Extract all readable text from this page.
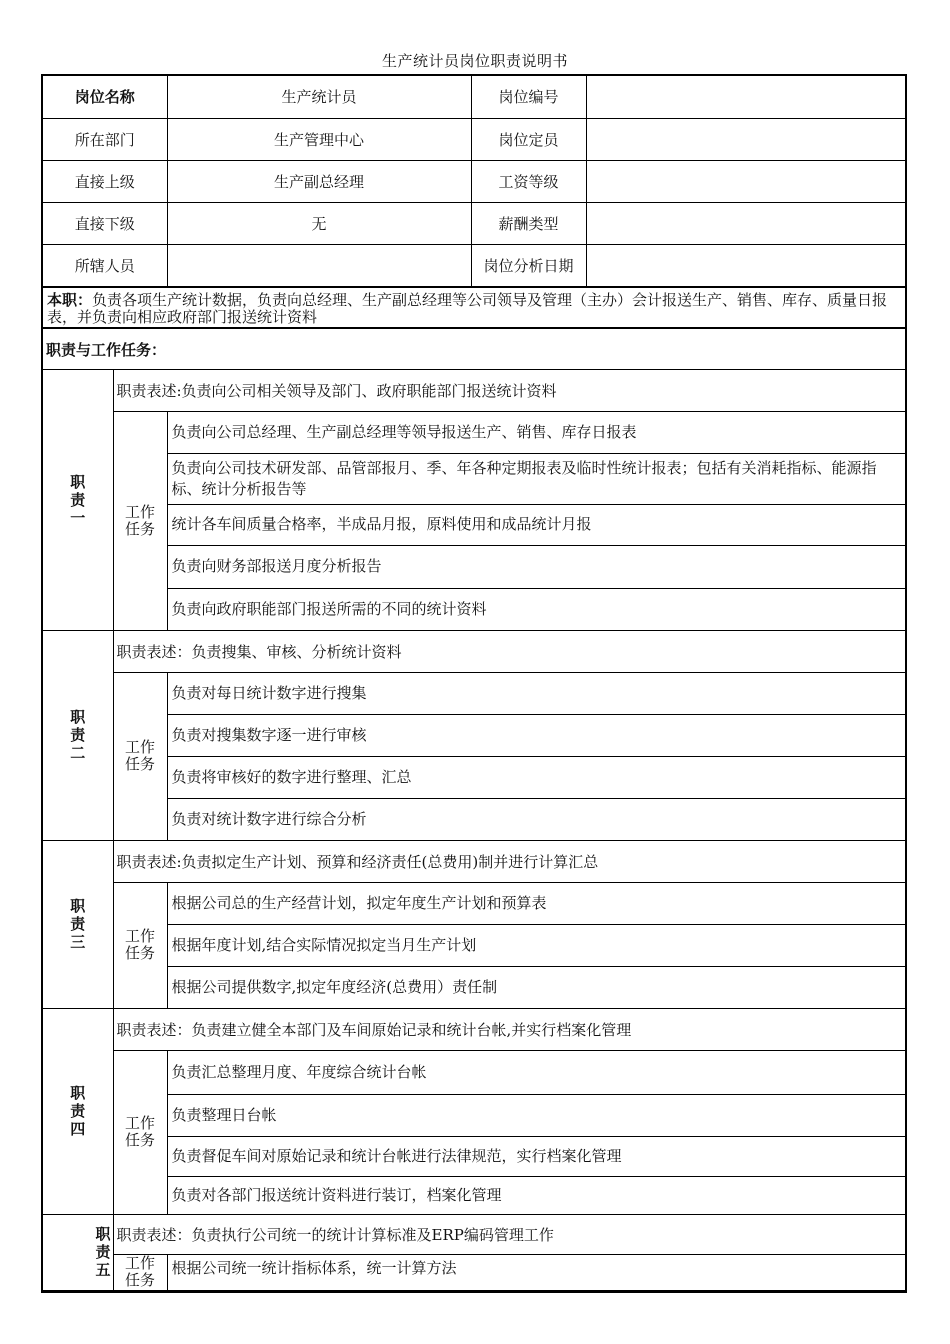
生产统计员岗位职责说明书
岗位名称	生产统计员	岗位编号	
所在部门	生产管理中心	岗位定员	
直接上级	生产副总经理	工资等级	
直接下级	无	薪酬类型	
所辖人员		岗位分析日期	
本职：负责各项生产统计数据，负责向总经理、生产副总经理等公司领导及管理（主办）会计报送生产、销售、库存、质量日报表，并负责向相应政府部门报送统计资料
职责与工作任务：
职
责
一	职责表述:负责向公司相关领导及部门、政府职能部门报送统计资料	

	工作
任务	负责向公司总经理、生产副总经理等领导报送生产、销售、库存日报表
		负责向公司技术研发部、品管部报月、季、年各种定期报表及临时性统计报表；包括有关消耗指标、能源指标、统计分析报告等
		统计各车间质量合格率，半成品月报，原料使用和成品统计月报
		负责向财务部报送月度分析报告
		负责向政府职能部门报送所需的不同的统计资料

职
责
二	职责表述：负责搜集、审核、分析统计资料	

	工作
任务	负责对每日统计数字进行搜集
		负责对搜集数字逐一进行审核
		负责将审核好的数字进行整理、汇总
		负责对统计数字进行综合分析

职
责
三	职责表述:负责拟定生产计划、预算和经济责任(总费用)制并进行计算汇总	

	工作
任务	根据公司总的生产经营计划，拟定年度生产计划和预算表
		根据年度计划,结合实际情况拟定当月生产计划
		根据公司提供数字,拟定年度经济(总费用）责任制

职
责
四	职责表述：负责建立健全本部门及车间原始记录和统计台帐,并实行档案化管理	

	工作
任务	负责汇总整理月度、年度综合统计台帐
		负责整理日台帐
		负责督促车间对原始记录和统计台帐进行法律规范，实行档案化管理
		负责对各部门报送统计资料进行装订，档案化管理

职
责
五	职责表述：负责执行公司统一的统计计算标准及ERP编码管理工作	

	工作
任务	根据公司统一统计指标体系，统一计算方法
